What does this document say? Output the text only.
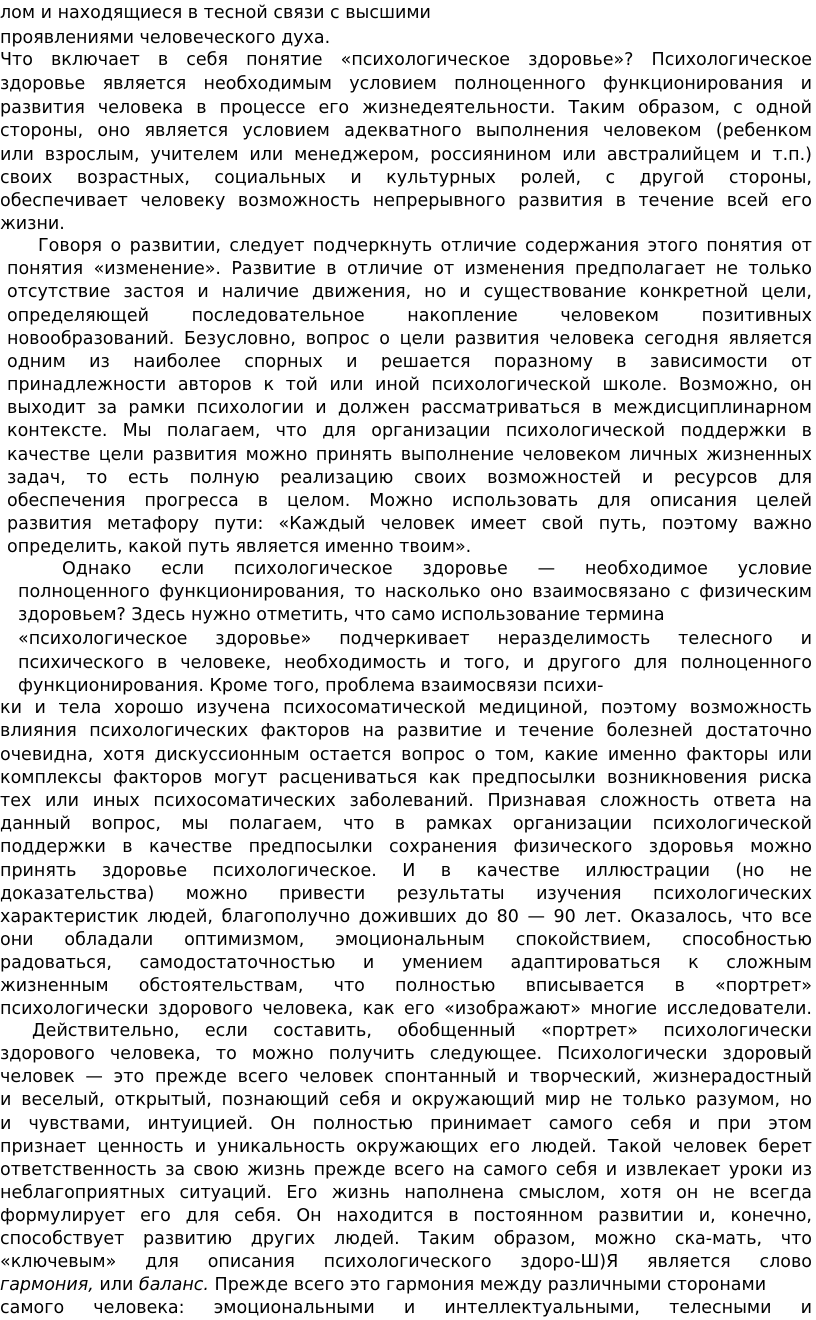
лом и находящиеся в тесной связи с высшими
проявлениями человеческого духа.
Что включает в себя понятие «психологическое здоровье»? Психологическое
здоровье является необходимым условием полноценного функционирования и
развития человека в процессе его жизнедеятельности. Таким образом, с одной
стороны, оно является условием адекватного выполнения человеком (ребенком
или взрослым, учителем или менеджером, россиянином или австралийцем и т.п.)
своих возрастных, социальных и культурных ролей, с другой стороны,
обеспечивает человеку возможность непрерывного развития в течение всей его
жизни.
Говоря о развитии, следует подчеркнуть отличие содержания этого понятия от
понятия «изменение». Развитие в отличие от изменения предполагает не только
отсутствие застоя и наличие движения, но и существование конкретной цели,
определяющей последовательное накопление человеком позитивных
новообразований. Безусловно, вопрос о цели развития человека сегодня является
одним из наиболее спорных и решается поразному в зависимости от
принадлежности авторов к той или иной психологической школе. Возможно, он
выходит за рамки психологии и должен рассматриваться в междисциплинарном
контексте. Мы полагаем, что для организации психологической поддержки в
качестве цели развития можно принять выполнение человеком личных жизненных
задач, то есть полную реализацию своих возможностей и ресурсов для
обеспечения прогресса в целом. Можно использовать для описания целей
развития метафору пути: «Каждый человек имеет свой путь, поэтому важно
определить, какой путь является именно твоим».
Однако если психологическое здоровье — необходимое условие
полноценного функционирования, то насколько оно взаимосвязано с физическим
здоровьем? Здесь нужно отметить, что само использование термина
«психологическое здоровье» подчеркивает неразделимость телесного и
психического в человеке, необходимость и того, и другого для полноценного
функционирования. Кроме того, проблема взаимосвязи психи-
ки и тела хорошо изучена психосоматической медициной, поэтому возможность
влияния психологических факторов на развитие и течение болезней достаточно
очевидна, хотя дискуссионным остается вопрос о том, какие именно факторы или
комплексы факторов могут расцениваться как предпосылки возникновения риска
тех или иных психосоматических заболеваний. Признавая сложность ответа на
данный вопрос, мы полагаем, что в рамках организации психологической
поддержки в качестве предпосылки сохранения физического здоровья можно
принять здоровье психологическое. И в качестве иллюстрации (но не
доказательства) можно привести результаты изучения психологических
характеристик людей, благополучно доживших до 80 — 90 лет. Оказалось, что все
они обладали оптимизмом, эмоциональным спокойствием, способностью
радоваться, самодостаточностью и умением адаптироваться к сложным
жизненным обстоятельствам, что полностью вписывается в «портрет»
психологически здорового человека, как его «изображают» многие исследователи.
Действительно, если составить, обобщенный «портрет» психологически
здорового человека, то можно получить следующее. Психологически здоровый
человек — это прежде всего человек спонтанный и творческий, жизнерадостный
и веселый, открытый, познающий себя и окружающий мир не только разумом, но
и чувствами, интуицией. Он полностью принимает самого себя и при этом
признает ценность и уникальность окружающих его людей. Такой человек берет
ответственность за свою жизнь прежде всего на самого себя и извлекает уроки из
неблагоприятных ситуаций. Его жизнь наполнена смыслом, хотя он не всегда
формулирует его для себя. Он находится в постоянном развитии и, конечно,
способствует развитию других людей. Таким образом, можно ска-мать, что
«ключевым» для описания психологического здоро-Ш)Я является слово
гармония, или баланс. Прежде всего это гармония между различными сторонами
самого человека: эмоциональными и интеллектуальными, телесными и
